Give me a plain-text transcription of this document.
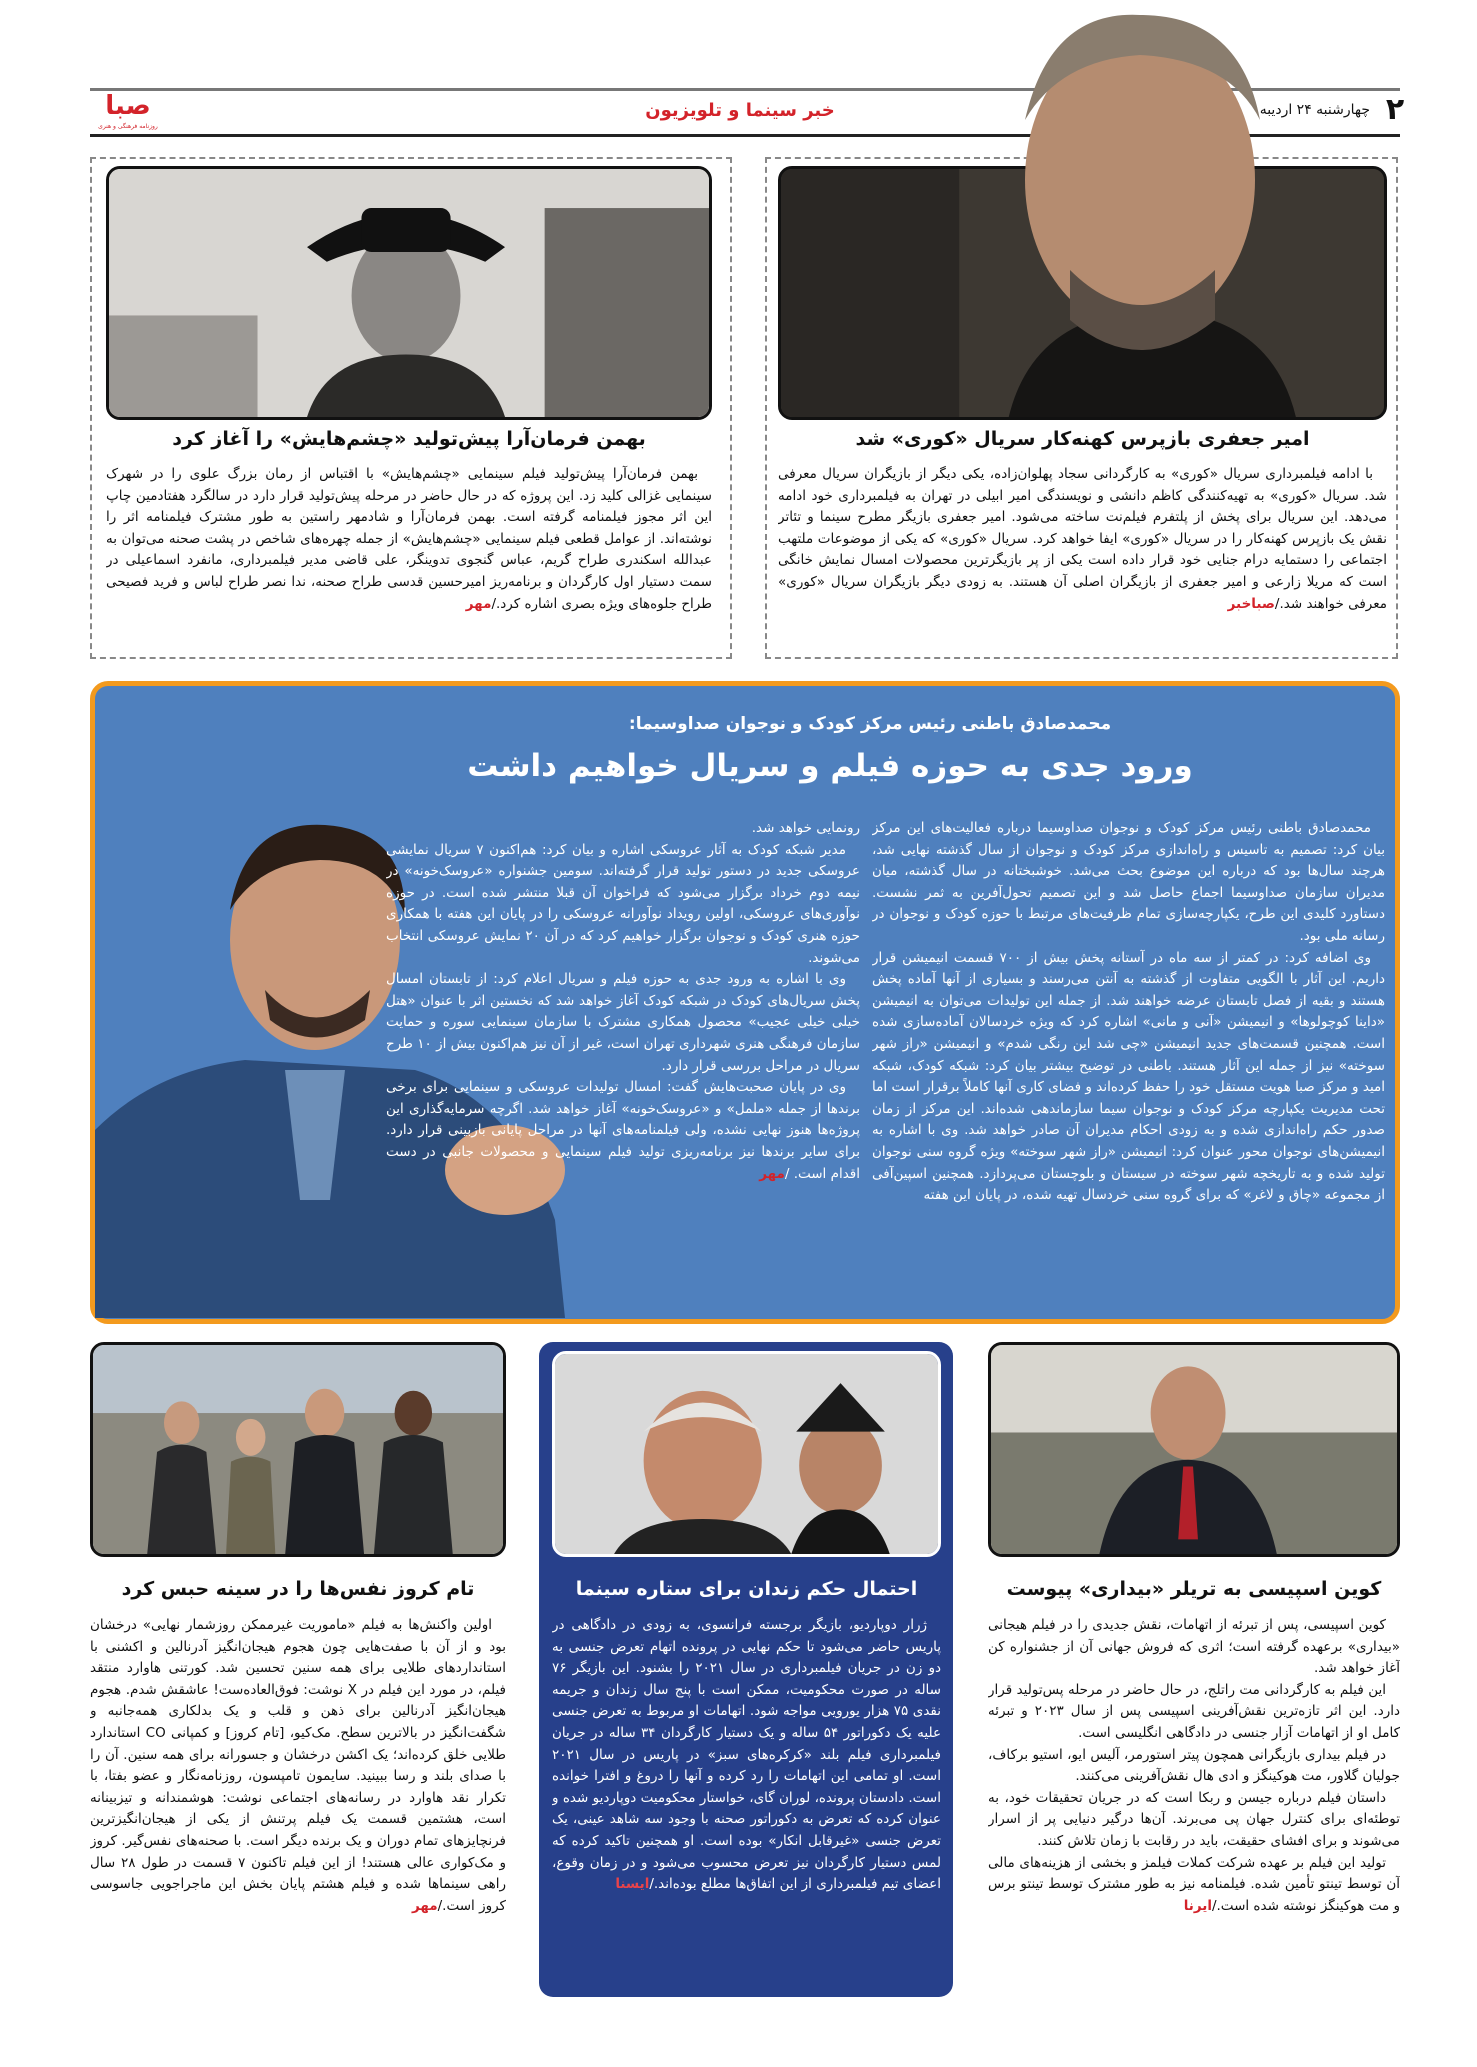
صبا
روزنامه فرهنگی و هنری
خبر سینما و تلویزیون	چهارشنبه ۲۴ اردیبه ۲
امیر جعفری بازپرس کهنه‌کار سریال «کوری» شد

با ادامه فیلمبرداری سریال «کوری» به کارگردانی سجاد پهلوان‌زاده، یکی دیگر از بازیگران سریال معرفی شد. سریال «کوری» به تهیه‌کنندگی کاظم دانشی و نویسندگی امیر ابیلی در تهران به فیلمبرداری خود ادامه می‌دهد. این سریال برای پخش از پلتفرم فیلم‌نت ساخته می‌شود. امیر جعفری بازیگر مطرح سینما و تئاتر نقش یک بازپرس کهنه‌کار را در سریال «کوری» ایفا خواهد کرد. سریال «کوری» که یکی از موضوعات ملتهب اجتماعی را دستمایه درام جنایی خود قرار داده است یکی از پر بازیگرترین محصولات امسال نمایش خانگی است که مریلا زارعی و امیر جعفری از بازیگران اصلی آن هستند. به زودی دیگر بازیگران سریال «کوری» معرفی خواهند شد./صباخبر

بهمن فرمان‌آرا پیش‌تولید «چشم‌هایش» را آغاز کرد

بهمن فرمان‌آرا پیش‌تولید فیلم سینمایی «چشم‌هایش» با اقتباس از رمان بزرگ علوی را در شهرک سینمایی غزالی کلید زد. این پروژه که در حال حاضر در مرحله پیش‌تولید قرار دارد در سالگرد هفتادمین چاپ این اثر مجوز فیلمنامه گرفته است. بهمن فرمان‌آرا و شادمهر راستین به طور مشترک فیلمنامه اثر را نوشته‌اند. از عوامل قطعی فیلم سینمایی «چشم‌هایش» از جمله چهره‌های شاخص در پشت صحنه می‌توان به عبدالله اسکندری طراح گریم، عباس گنجوی تدوینگر، علی قاضی مدیر فیلمبرداری، مانفرد اسماعیلی در سمت دستیار اول کارگردان و برنامه‌ریز امیرحسین قدسی طراح صحنه، ندا نصر طراح لباس و فرید فصیحی طراح جلوه‌های ویژه بصری اشاره کرد./مهر

محمدصادق باطنی رئیس مرکز کودک و نوجوان صداوسیما:
ورود جدی به حوزه فیلم و سریال خواهیم داشت

محمدصادق باطنی رئیس مرکز کودک و نوجوان صداوسیما درباره فعالیت‌های این مرکز بیان کرد: تصمیم به تاسیس و راه‌اندازی مرکز کودک و نوجوان از سال گذشته نهایی شد، هرچند سال‌ها بود که درباره این موضوع بحث می‌شد. خوشبختانه در سال گذشته، میان مدیران سازمان صداوسیما اجماع حاصل شد و این تصمیم تحول‌آفرین به ثمر نشست. دستاورد کلیدی این طرح، یکپارچه‌سازی تمام ظرفیت‌های مرتبط با حوزه کودک و نوجوان در رسانه ملی بود.

وی اضافه کرد: در کمتر از سه ماه در آستانه پخش بیش از ۷۰۰ قسمت انیمیشن قرار داریم. این آثار با الگویی متفاوت از گذشته به آنتن می‌رسند و بسیاری از آنها آماده پخش هستند و بقیه از فصل تابستان عرضه خواهند شد. از جمله این تولیدات می‌توان به انیمیشن «داینا کوچولوها» و انیمیشن «آنی و مانی» اشاره کرد که ویژه خردسالان آماده‌سازی شده است. همچنین قسمت‌های جدید انیمیشن «چی شد این رنگی شدم» و انیمیشن «راز شهر سوخته» نیز از جمله این آثار هستند. باطنی در توضیح بیشتر بیان کرد: شبکه کودک، شبکه امید و مرکز صبا هویت مستقل خود را حفظ کرده‌اند و فضای کاری آنها کاملاً برقرار است اما تحت مدیریت یکپارچه مرکز کودک و نوجوان سیما سازماندهی شده‌اند. این مرکز از زمان صدور حکم راه‌اندازی شده و به زودی احکام مدیران آن صادر خواهد شد. وی با اشاره به انیمیشن‌های نوجوان محور عنوان کرد: انیمیشن «راز شهر سوخته» ویژه گروه سنی نوجوان تولید شده و به تاریخچه شهر سوخته در سیستان و بلوچستان می‌پردازد. همچنین اسپین‌آفی از مجموعه «چاق و لاغر» که برای گروه سنی خردسال تهیه شده، در پایان این هفته

رونمایی خواهد شد.

مدیر شبکه کودک به آثار عروسکی اشاره و بیان کرد: هم‌اکنون ۷ سریال نمایشی عروسکی جدید در دستور تولید قرار گرفته‌اند. سومین جشنواره «عروسک‌خونه» در نیمه دوم خرداد برگزار می‌شود که فراخوان آن قبلا منتشر شده است. در حوزه نوآوری‌های عروسکی، اولین رویداد نوآورانه عروسکی را در پایان این هفته با همکاری حوزه هنری کودک و نوجوان برگزار خواهیم کرد که در آن ۲۰ نمایش عروسکی انتخاب می‌شوند.

وی با اشاره به ورود جدی به حوزه فیلم و سریال اعلام کرد: از تابستان امسال پخش سریال‌های کودک در شبکه کودک آغاز خواهد شد که نخستین اثر با عنوان «هتل خیلی خیلی عجیب» محصول همکاری مشترک با سازمان سینمایی سوره و حمایت سازمان فرهنگی هنری شهرداری تهران است، غیر از آن نیز هم‌اکنون بیش از ۱۰ طرح سریال در مراحل بررسی قرار دارد.

وی در پایان صحبت‌هایش گفت: امسال تولیدات عروسکی و سینمایی برای برخی برندها از جمله «ململ» و «عروسک‌خونه» آغاز خواهد شد. اگرچه سرمایه‌گذاری این پروژه‌ها هنوز نهایی نشده، ولی فیلمنامه‌های آنها در مراحل پایانی بازبینی قرار دارد. برای سایر برندها نیز برنامه‌ریزی تولید فیلم سینمایی و محصولات جانبی در دست اقدام است. /مهر

کوین اسپیسی به تریلر «بیداری» پیوست

کوین اسپیسی، پس از تبرئه از اتهامات، نقش جدیدی را در فیلم هیجانی «بیداری» برعهده گرفته است؛ اثری که فروش جهانی آن از جشنواره کن آغاز خواهد شد.

این فیلم به کارگردانی مت راتلج، در حال حاضر در مرحله پس‌تولید قرار دارد. این اثر تازه‌ترین نقش‌آفرینی اسپیسی پس از سال ۲۰۲۳ و تبرئه کامل او از اتهامات آزار جنسی در دادگاهی انگلیسی است.

در فیلم بیداری بازیگرانی همچون پیتر استورمر، آلیس ایو، استیو برکاف، جولیان گلاور، مت هوکینگز و ادی هال نقش‌آفرینی می‌کنند.

داستان فیلم درباره جیسن و ربکا است که در جریان تحقیقات خود، به توطئه‌ای برای کنترل جهان پی می‌برند. آن‌ها درگیر دنیایی پر از اسرار می‌شوند و برای افشای حقیقت، باید در رقابت با زمان تلاش کنند.

تولید این فیلم بر عهده شرکت کملات فیلمز و بخشی از هزینه‌های مالی آن توسط تینتو تأمین شده. فیلمنامه نیز به طور مشترک توسط تینتو برس و مت هوکینگز نوشته شده است./ایرنا

احتمال حکم زندان برای ستاره سینما

ژرار دوپاردیو، بازیگر برجسته فرانسوی، به زودی در دادگاهی در پاریس حاضر می‌شود تا حکم نهایی در پرونده اتهام تعرض جنسی به دو زن در جریان فیلمبرداری در سال ۲۰۲۱ را بشنود. این بازیگر ۷۶ ساله در صورت محکومیت، ممکن است با پنج سال زندان و جریمه نقدی ۷۵ هزار یورویی مواجه شود. اتهامات او مربوط به تعرض جنسی علیه یک دکوراتور ۵۴ ساله و یک دستیار کارگردان ۳۴ ساله در جریان فیلمبرداری فیلم بلند «کرکره‌های سبز» در پاریس در سال ۲۰۲۱ است. او تمامی این اتهامات را رد کرده و آنها را دروغ و افترا خوانده است. دادستان پرونده، لوران گای، خواستار محکومیت دوپاردیو شده و عنوان کرده که تعرض به دکوراتور صحنه با وجود سه شاهد عینی، یک تعرض جنسی «غیرقابل انکار» بوده است. او همچنین تاکید کرده که لمس دستیار کارگردان نیز تعرض محسوب می‌شود و در زمان وقوع، اعضای تیم فیلمبرداری از این اتفاق‌ها مطلع بوده‌اند./ایسنا

تام کروز نفس‌ها را در سینه حبس کرد

اولین واکنش‌ها به فیلم «ماموریت غیرممکن روزشمار نهایی» درخشان بود و از آن با صفت‌هایی چون هجوم هیجان‌انگیز آدرنالین و اکشنی با استانداردهای طلایی برای همه سنین تحسین شد. کورتنی هاوارد منتقد فیلم، در مورد این فیلم در X نوشت: فوق‌العاده‌ست! عاشقش شدم. هجوم هیجان‌انگیز آدرنالین برای ذهن و قلب و یک بدلکاری همه‌جانبه و شگفت‌انگیز در بالاترین سطح. مک‌کیو، [تام کروز] و کمپانی CO استاندارد طلایی خلق کرده‌اند؛ یک اکشن درخشان و جسورانه برای همه سنین. آن را با صدای بلند و رسا ببینید. سایمون تامپسون، روزنامه‌نگار و عضو بفتا، با تکرار نقد هاوارد در رسانه‌های اجتماعی نوشت: هوشمندانه و تیزبینانه است، هشتمین قسمت یک فیلم پرتنش از یکی از هیجان‌انگیزترین فرنچایزهای تمام دوران و یک برنده دیگر است. با صحنه‌های نفس‌گیر. کروز و مک‌کواری عالی هستند! از این فیلم تاکنون ۷ قسمت در طول ۲۸ سال راهی سینماها شده و فیلم هشتم پایان بخش این ماجراجویی جاسوسی کروز است./مهر
